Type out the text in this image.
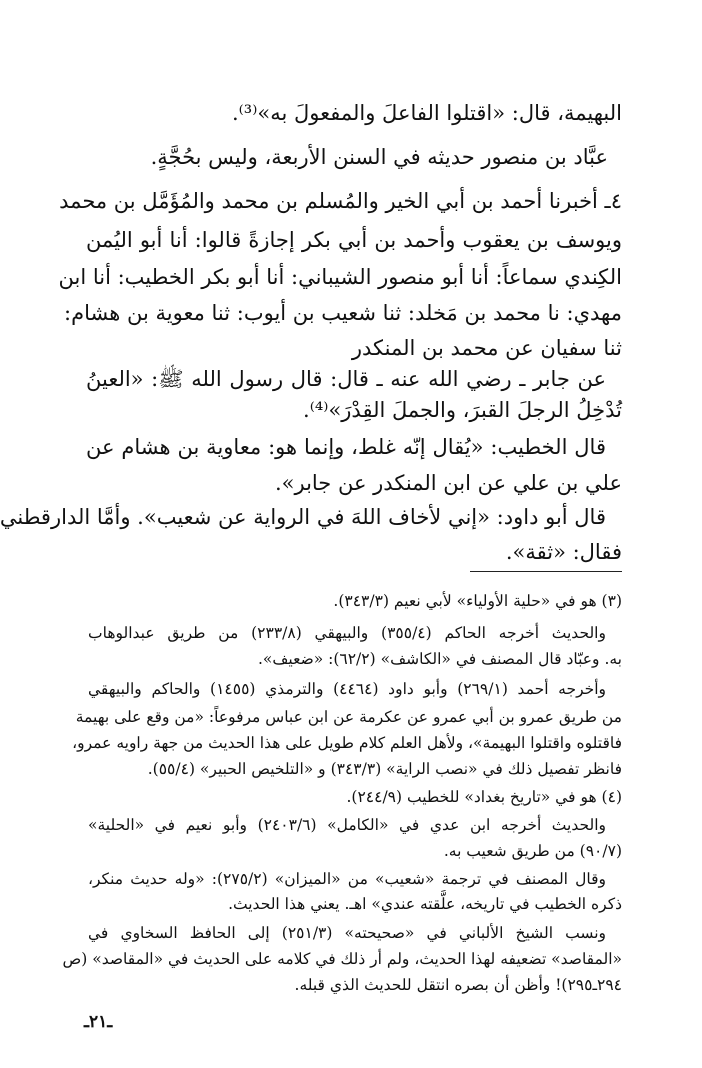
البهيمة، قال: «اقتلوا الفاعلَ والمفعولَ به»⁽³⁾.
عبَّاد بن منصور حديثه في السنن الأربعة، وليس بحُجَّةٍ.
٤ـ أخبرنا أحمد بن أبي الخير والمُسلم بن محمد والمُؤَمَّل بن محمد
ويوسف بن يعقوب وأحمد بن أبي بكر إجازةً قالوا: أنا أبو اليُمن
الكِندي سماعاً: أنا أبو منصور الشيباني: أنا أبو بكر الخطيب: أنا ابن
مهدي: نا محمد بن مَخلد: ثنا شعيب بن أيوب: ثنا معوية بن هشام:
ثنا سفيان عن محمد بن المنكدر
عن جابر ـ رضي الله عنه ـ قال: قال رسول الله ﷺ: «العينُ
تُدْخِلُ الرجلَ القبرَ، والجملَ القِدْرَ»⁽⁴⁾.
قال الخطيب: «يُقال إنّه غلط، وإنما هو: معاوية بن هشام عن
علي بن علي عن ابن المنكدر عن جابر».
قال أبو داود: «إني لأخاف اللهَ في الرواية عن شعيب». وأمَّا الدارقطني
فقال: «ثقة».
(٣) هو في «حلية الأولياء» لأبي نعيم (٣٤٣/٣).
والحديث أخرجه الحاكم (٣٥٥/٤) والبيهقي (٢٣٣/٨) من طريق عبدالوهاب
به. وعبّاد قال المصنف في «الكاشف» (٦٢/٢): «ضعيف».
وأخرجه أحمد (٢٦٩/١) وأبو داود (٤٤٦٤) والترمذي (١٤٥٥) والحاكم والبيهقي
من طريق عمرو بن أبي عمرو عن عكرمة عن ابن عباس مرفوعاً: «من وقع على بهيمة
فاقتلوه واقتلوا البهيمة»، ولأهل العلم كلام طويل على هذا الحديث من جهة راويه عمرو،
فانظر تفصيل ذلك في «نصب الراية» (٣٤٣/٣) و «التلخيص الحبير» (٥٥/٤).
(٤) هو في «تاريخ بغداد» للخطيب (٢٤٤/٩).
والحديث أخرجه ابن عدي في «الكامل» (٢٤٠٣/٦) وأبو نعيم في «الحلية»
(٩٠/٧) من طريق شعيب به.
وقال المصنف في ترجمة «شعيب» من «الميزان» (٢٧٥/٢): «وله حديث منكر،
ذكره الخطيب في تاريخه، علَّقته عندي» اهـ. يعني هذا الحديث.
ونسب الشيخ الألباني في «صحيحته» (٢٥١/٣) إلى الحافظ السخاوي في
«المقاصد» تضعيفه لهذا الحديث، ولم أر ذلك في كلامه على الحديث في «المقاصد» (ص
٢٩٤ـ٢٩٥)! وأظن أن بصره انتقل للحديث الذي قبله.
ـ٢١ـ
